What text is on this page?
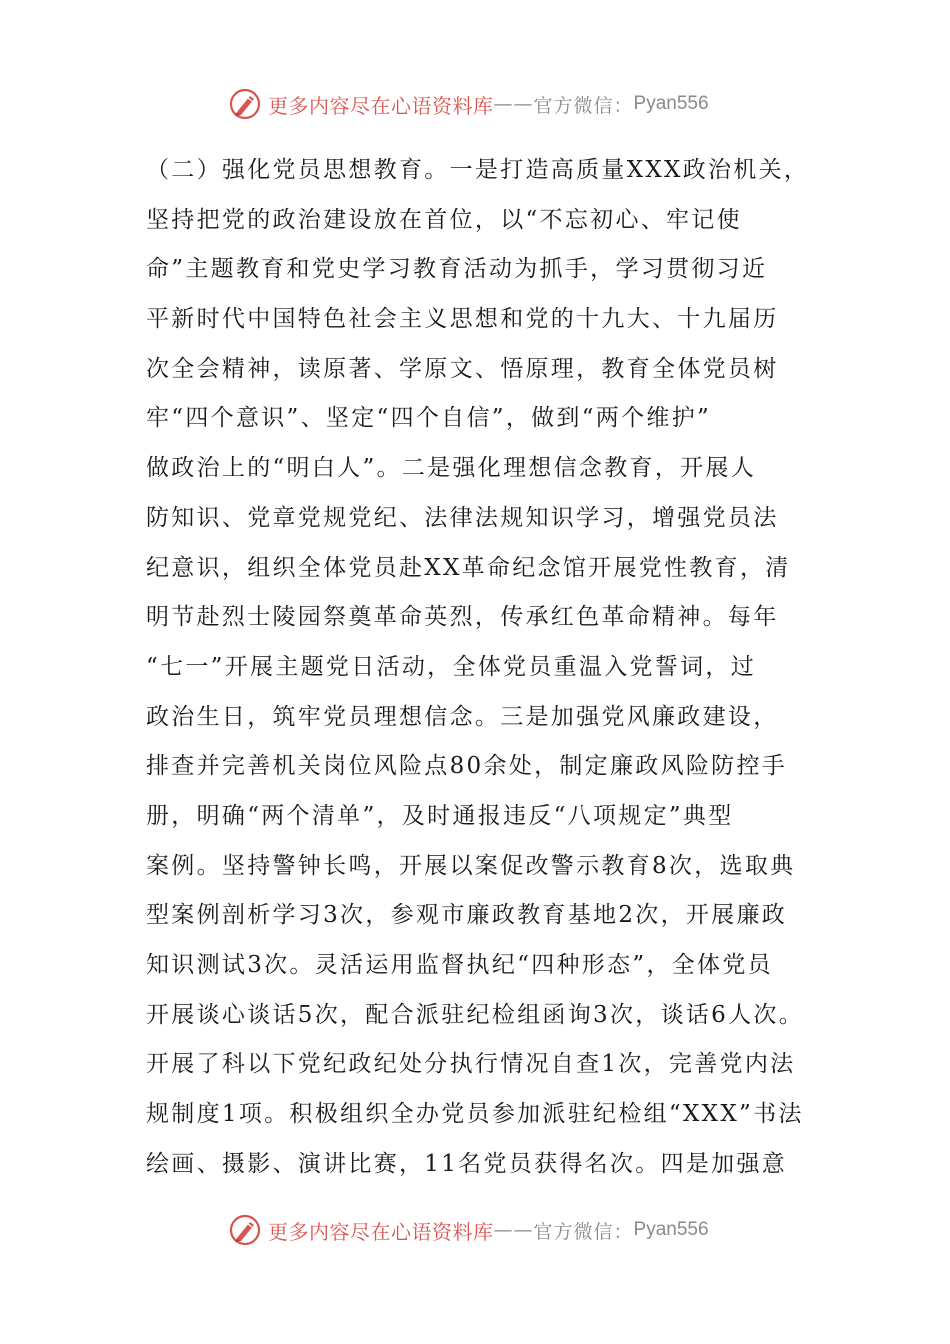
更多内容尽在心语资料库 —— 官方微信： Pyan556
（二）强化党员思想教育。一是打造高质量XXX政治机关，
坚持把党的政治建设放在首位，以“不忘初心、牢记使
命”主题教育和党史学习教育活动为抓手，学习贯彻习近
平新时代中国特色社会主义思想和党的十九大、十九届历
次全会精神，读原著、学原文、悟原理，教育全体党员树
牢“四个意识”、坚定“四个自信”，做到“两个维护”
做政治上的“明白人”。二是强化理想信念教育，开展人
防知识、党章党规党纪、法律法规知识学习，增强党员法
纪意识，组织全体党员赴XX革命纪念馆开展党性教育，清
明节赴烈士陵园祭奠革命英烈，传承红色革命精神。每年
“七一”开展主题党日活动，全体党员重温入党誓词，过
政治生日，筑牢党员理想信念。三是加强党风廉政建设，
排查并完善机关岗位风险点80余处，制定廉政风险防控手
册，明确“两个清单”，及时通报违反“八项规定”典型
案例。坚持警钟长鸣，开展以案促改警示教育8次，选取典
型案例剖析学习3次，参观市廉政教育基地2次，开展廉政
知识测试3次。灵活运用监督执纪“四种形态”，全体党员
开展谈心谈话5次，配合派驻纪检组函询3次，谈话6人次。
开展了科以下党纪政纪处分执行情况自查1次，完善党内法
规制度1项。积极组织全办党员参加派驻纪检组“XXX”书法
绘画、摄影、演讲比赛，11名党员获得名次。四是加强意
更多内容尽在心语资料库 —— 官方微信： Pyan556
